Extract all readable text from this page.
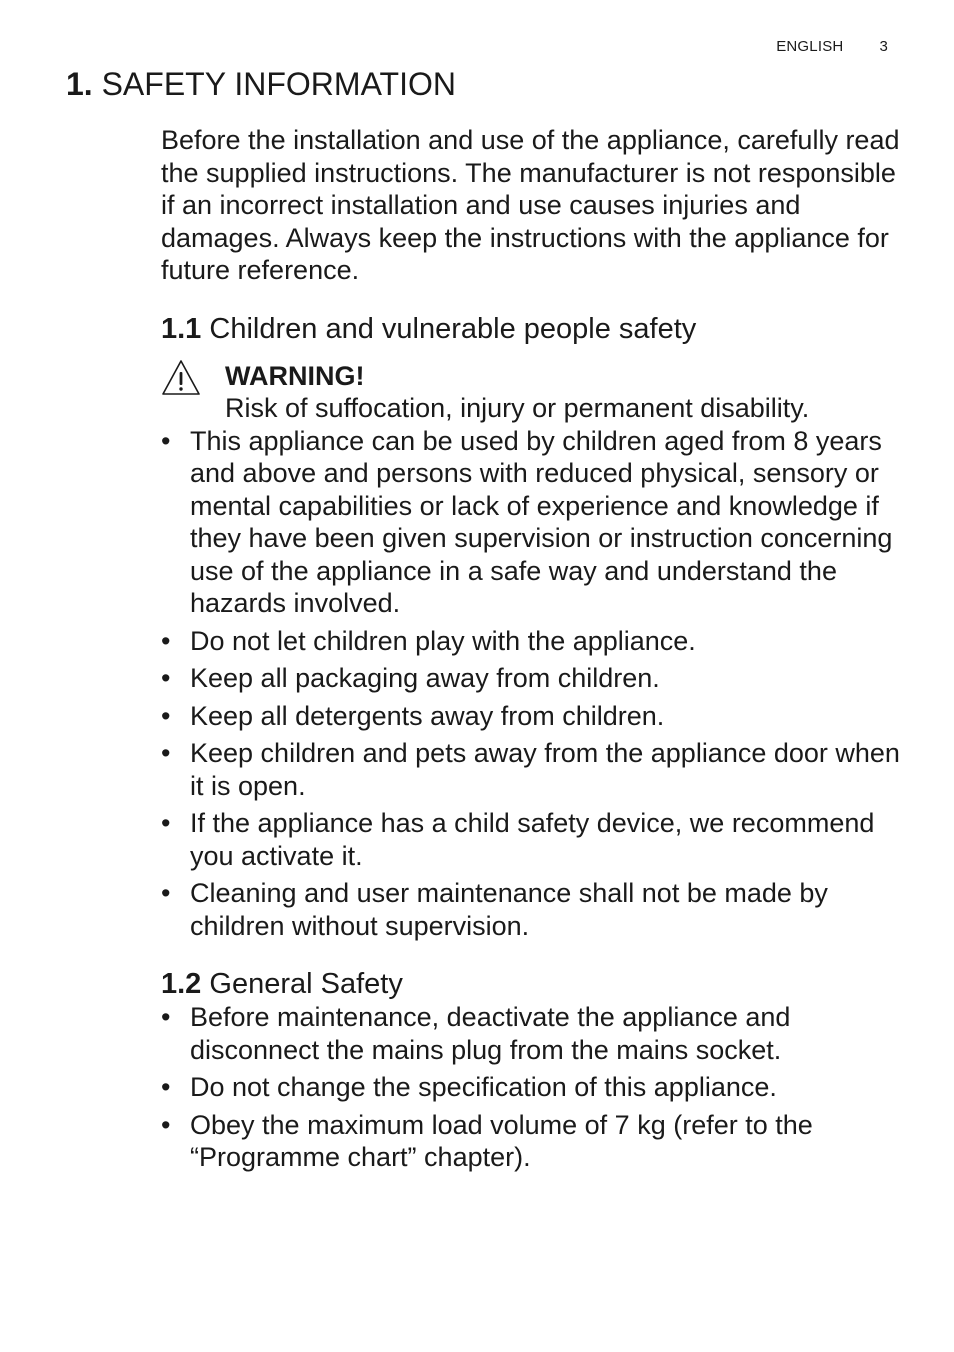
ENGLISH 3
1. SAFETY INFORMATION

Before the installation and use of the appliance, carefully read the supplied instructions. The manufacturer is not responsible if an incorrect installation and use causes injuries and damages. Always keep the instructions with the appliance for future reference.

1.1 Children and vulnerable people safety
WARNING!
Risk of suffocation, injury or permanent disability.
• This appliance can be used by children aged from 8 years and above and persons with reduced physical, sensory or mental capabilities or lack of experience and knowledge if they have been given supervision or instruction concerning use of the appliance in a safe way and understand the hazards involved.
• Do not let children play with the appliance.
• Keep all packaging away from children.
• Keep all detergents away from children.
• Keep children and pets away from the appliance door when it is open.
• If the appliance has a child safety device, we recommend you activate it.
• Cleaning and user maintenance shall not be made by children without supervision.
1.2 General Safety
• Before maintenance, deactivate the appliance and disconnect the mains plug from the mains socket.
• Do not change the specification of this appliance.
• Obey the maximum load volume of 7 kg (refer to the “Programme chart” chapter).
